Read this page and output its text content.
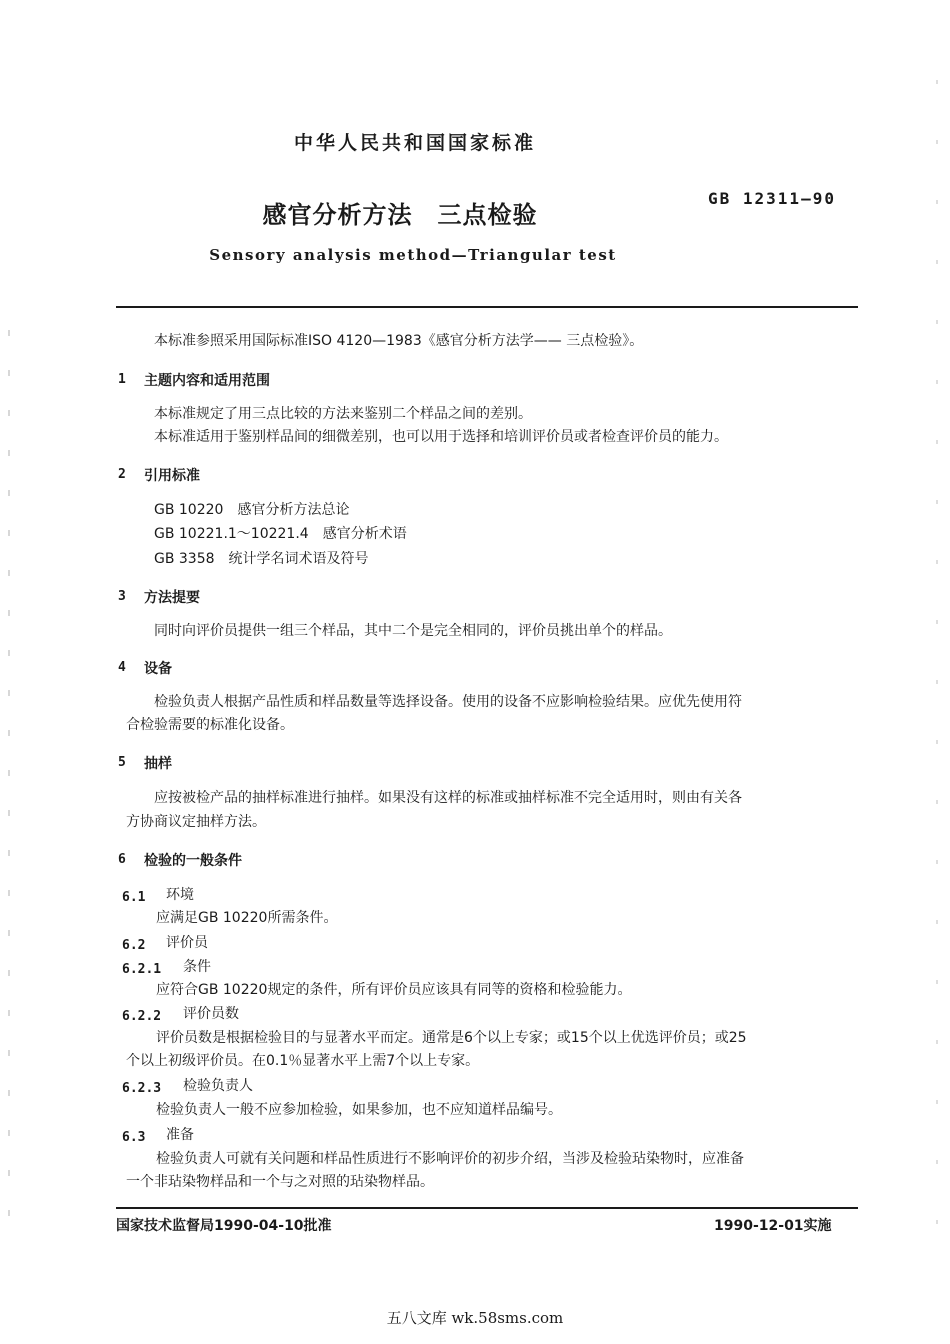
中华人民共和国国家标准
感官分析方法　三点检验
GB 12311—90
Sensory analysis method—Triangular test
本标准参照采用国际标准ISO 4120—1983《感官分析方法学—— 三点检验》。
1 主题内容和适用范围
本标准规定了用三点比较的方法来鉴别二个样品之间的差别。
本标准适用于鉴别样品间的细微差别，也可以用于选择和培训评价员或者检查评价员的能力。
2 引用标准
GB 10220　感官分析方法总论
GB 10221.1～10221.4　感官分析术语
GB 3358　统计学名词术语及符号
3 方法提要
同时向评价员提供一组三个样品，其中二个是完全相同的，评价员挑出单个的样品。
4 设备
检验负责人根据产品性质和样品数量等选择设备。使用的设备不应影响检验结果。应优先使用符
合检验需要的标准化设备。
5 抽样
应按被检产品的抽样标准进行抽样。如果没有这样的标准或抽样标准不完全适用时，则由有关各
方协商议定抽样方法。
6 检验的一般条件
6.1 环境
应满足GB 10220所需条件。
6.2 评价员
6.2.1 条件
应符合GB 10220规定的条件，所有评价员应该具有同等的资格和检验能力。
6.2.2 评价员数
评价员数是根据检验目的与显著水平而定。通常是6个以上专家；或15个以上优选评价员；或25
个以上初级评价员。在0.1％显著水平上需7个以上专家。
6.2.3 检验负责人
检验负责人一般不应参加检验，如果参加，也不应知道样品编号。
6.3 准备
检验负责人可就有关问题和样品性质进行不影响评价的初步介绍，当涉及检验玷染物时，应准备
一个非玷染物样品和一个与之对照的玷染物样品。
国家技术监督局1990-04-10批准	1990-12-01实施
五八文库 wk.58sms.com
